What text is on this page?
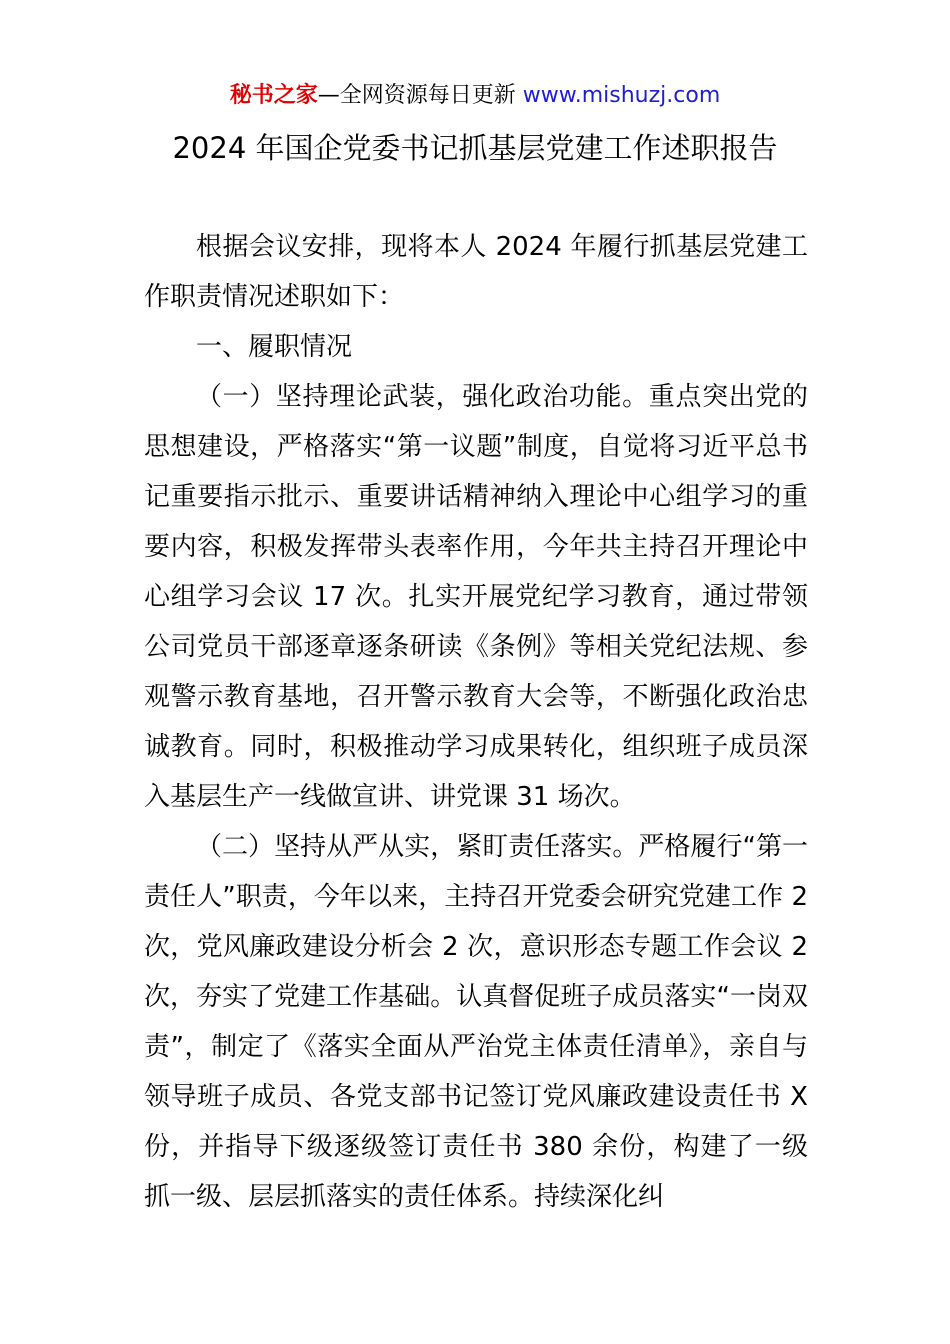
秘书之家—全网资源每日更新 www.mishuzj.com
2024 年国企党委书记抓基层党建工作述职报告

根据会议安排，现将本人 2024 年履行抓基层党建工作职责情况述职如下：

一、履职情况

（一）坚持理论武装，强化政治功能。重点突出党的思想建设，严格落实“第一议题”制度，自觉将习近平总书记重要指示批示、重要讲话精神纳入理论中心组学习的重要内容，积极发挥带头表率作用，今年共主持召开理论中心组学习会议 17 次。扎实开展党纪学习教育，通过带领公司党员干部逐章逐条研读《条例》等相关党纪法规、参观警示教育基地，召开警示教育大会等，不断强化政治忠诚教育。同时，积极推动学习成果转化，组织班子成员深入基层生产一线做宣讲、讲党课 31 场次。

（二）坚持从严从实，紧盯责任落实。严格履行“第一责任人”职责，今年以来，主持召开党委会研究党建工作 2 次，党风廉政建设分析会 2 次，意识形态专题工作会议 2 次，夯实了党建工作基础。认真督促班子成员落实“一岗双责”，制定了《落实全面从严治党主体责任清单》，亲自与领导班子成员、各党支部书记签订党风廉政建设责任书 X 份，并指导下级逐级签订责任书 380 余份，构建了一级抓一级、层层抓落实的责任体系。持续深化纠
